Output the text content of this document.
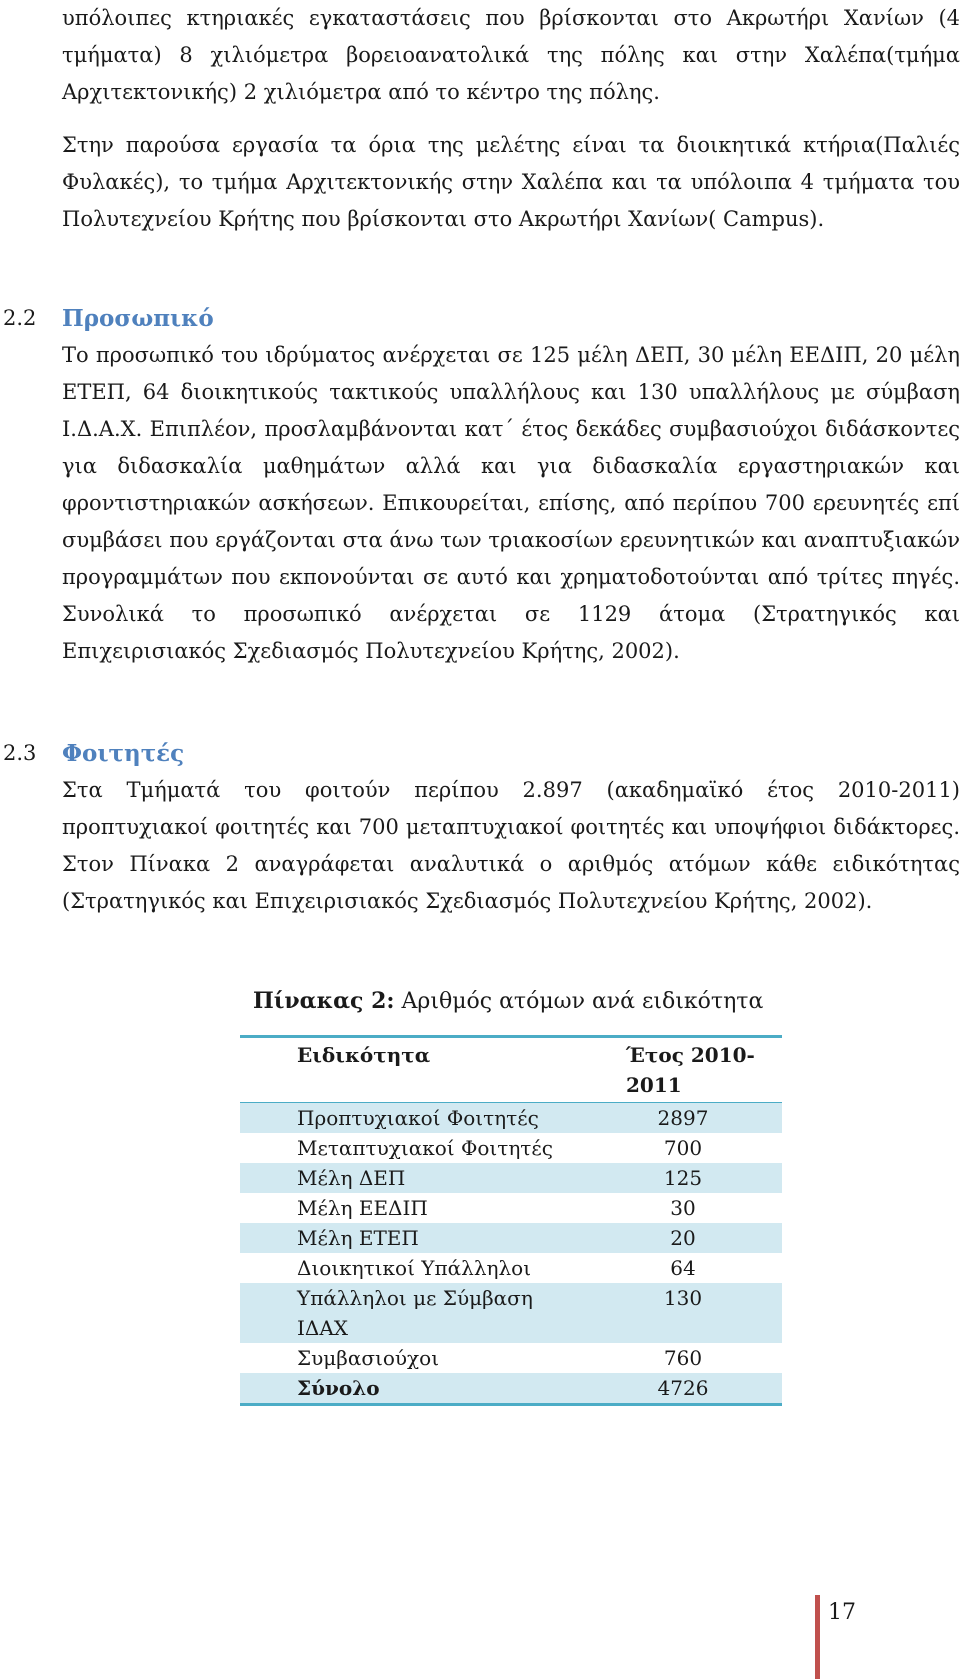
υπόλοιπες κτηριακές εγκαταστάσεις που βρίσκονται στο Ακρωτήρι Χανίων (4 τμήματα) 8 χιλιόμετρα βορειοανατολικά της πόλης και στην Χαλέπα(τμήμα Αρχιτεκτονικής) 2 χιλιόμετρα από το κέντρο της πόλης.

Στην παρούσα εργασία τα όρια της μελέτης είναι τα διοικητικά κτήρια(Παλιές Φυλακές), το τμήμα Αρχιτεκτονικής στην Χαλέπα και τα υπόλοιπα 4 τμήματα του Πολυτεχνείου Κρήτης που βρίσκονται στο Ακρωτήρι Χανίων( Campus).

2.2 Προσωπικό

Το προσωπικό του ιδρύματος ανέρχεται σε 125 μέλη ΔΕΠ, 30 μέλη ΕΕΔΙΠ, 20 μέλη ΕΤΕΠ, 64 διοικητικούς τακτικούς υπαλλήλους και 130 υπαλλήλους με σύμβαση Ι.Δ.Α.Χ. Επιπλέον, προσλαμβάνονται κατ΄ έτος δεκάδες συμβασιούχοι διδάσκοντες για διδασκαλία μαθημάτων αλλά και για διδασκαλία εργαστηριακών και φροντιστηριακών ασκήσεων. Επικουρείται, επίσης, από περίπου 700 ερευνητές επί συμβάσει που εργάζονται στα άνω των τριακοσίων ερευνητικών και αναπτυξιακών προγραμμάτων που εκπονούνται σε αυτό και χρηματοδοτούνται από τρίτες πηγές. Συνολικά το προσωπικό ανέρχεται σε 1129 άτομα (Στρατηγικός και Επιχειρισιακός Σχεδιασμός Πολυτεχνείου Κρήτης, 2002).

2.3 Φοιτητές

Στα Τμήματά του φοιτούν περίπου 2.897 (ακαδημαϊκό έτος 2010-2011) προπτυχιακοί φοιτητές και 700 μεταπτυχιακοί φοιτητές και υποψήφιοι διδάκτορες. Στον Πίνακα 2 αναγράφεται αναλυτικά ο αριθμός ατόμων κάθε ειδικότητας (Στρατηγικός και Επιχειρισιακός Σχεδιασμός Πολυτεχνείου Κρήτης, 2002).

Πίνακας 2: Αριθμός ατόμων ανά ειδικότητα
Ειδικότητα	Έτος 2010-2011
Προπτυχιακοί Φοιτητές	2897
Μεταπτυχιακοί Φοιτητές	700
Μέλη ΔΕΠ	125
Μέλη ΕΕΔΙΠ	30
Μέλη ΕΤΕΠ	20
Διοικητικοί Υπάλληλοι	64
Υπάλληλοι με Σύμβαση ΙΔΑΧ	130
Συμβασιούχοι	760
Σύνολο	4726
17
